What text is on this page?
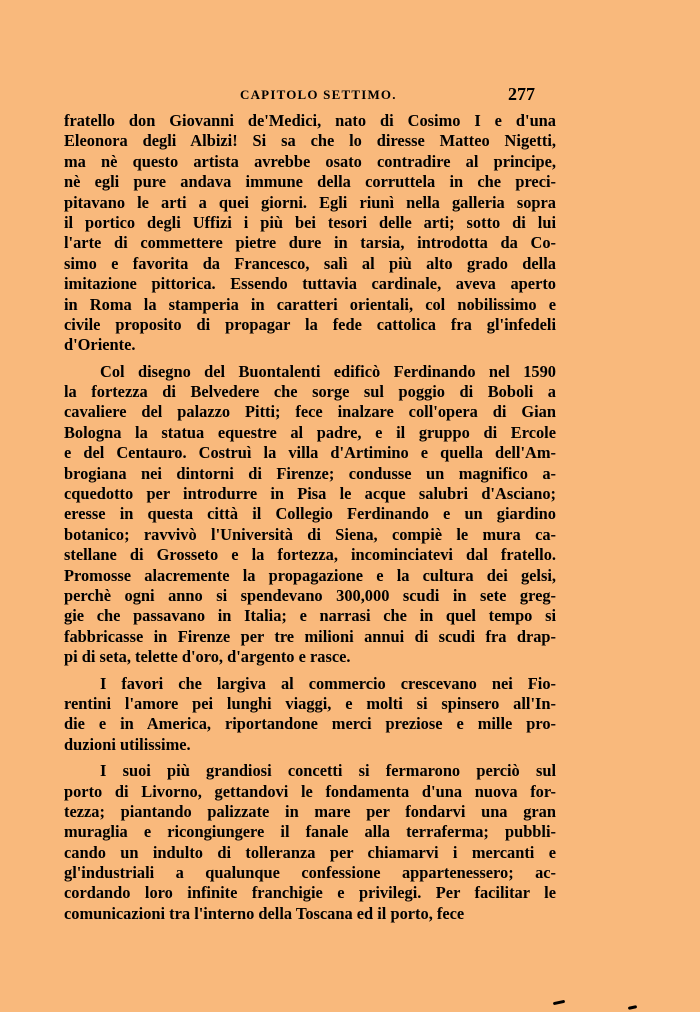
CAPITOLO SETTIMO.	277
fratello don Giovanni de'Medici, nato di Cosimo I e d'una
Eleonora degli Albizi! Si sa che lo diresse Matteo Nigetti,
ma nè questo artista avrebbe osato contradire al principe,
nè egli pure andava immune della corruttela in che preci-
pitavano le arti a quei giorni. Egli riunì nella galleria sopra
il portico degli Uffizi i più bei tesori delle arti; sotto di lui
l'arte di commettere pietre dure in tarsia, introdotta da Co-
simo e favorita da Francesco, salì al più alto grado della
imitazione pittorica. Essendo tuttavia cardinale, aveva aperto
in Roma la stamperia in caratteri orientali, col nobilissimo e
civile proposito di propagar la fede cattolica fra gl'infedeli
d'Oriente.
Col disegno del Buontalenti edificò Ferdinando nel 1590
la fortezza di Belvedere che sorge sul poggio di Boboli a
cavaliere del palazzo Pitti; fece inalzare coll'opera di Gian
Bologna la statua equestre al padre, e il gruppo di Ercole
e del Centauro. Costruì la villa d'Artimino e quella dell'Am-
brogiana nei dintorni di Firenze; condusse un magnifico a-
cquedotto per introdurre in Pisa le acque salubri d'Asciano;
eresse in questa città il Collegio Ferdinando e un giardino
botanico; ravvivò l'Università di Siena, compiè le mura ca-
stellane di Grosseto e la fortezza, incominciatevi dal fratello.
Promosse alacremente la propagazione e la cultura dei gelsi,
perchè ogni anno si spendevano 300,000 scudi in sete greg-
gie che passavano in Italia; e narrasi che in quel tempo si
fabbricasse in Firenze per tre milioni annui di scudi fra drap-
pi di seta, telette d'oro, d'argento e rasce.
I favori che largiva al commercio crescevano nei Fio-
rentini l'amore pei lunghi viaggi, e molti si spinsero all'In-
die e in America, riportandone merci preziose e mille pro-
duzioni utilissime.
I suoi più grandiosi concetti si fermarono perciò sul
porto di Livorno, gettandovi le fondamenta d'una nuova for-
tezza; piantando palizzate in mare per fondarvi una gran
muraglia e ricongiungere il fanale alla terraferma; pubbli-
cando un indulto di tolleranza per chiamarvi i mercanti e
gl'industriali a qualunque confessione appartenessero; ac-
cordando loro infinite franchigie e privilegi. Per facilitar le
comunicazioni tra l'interno della Toscana ed il porto, fece
